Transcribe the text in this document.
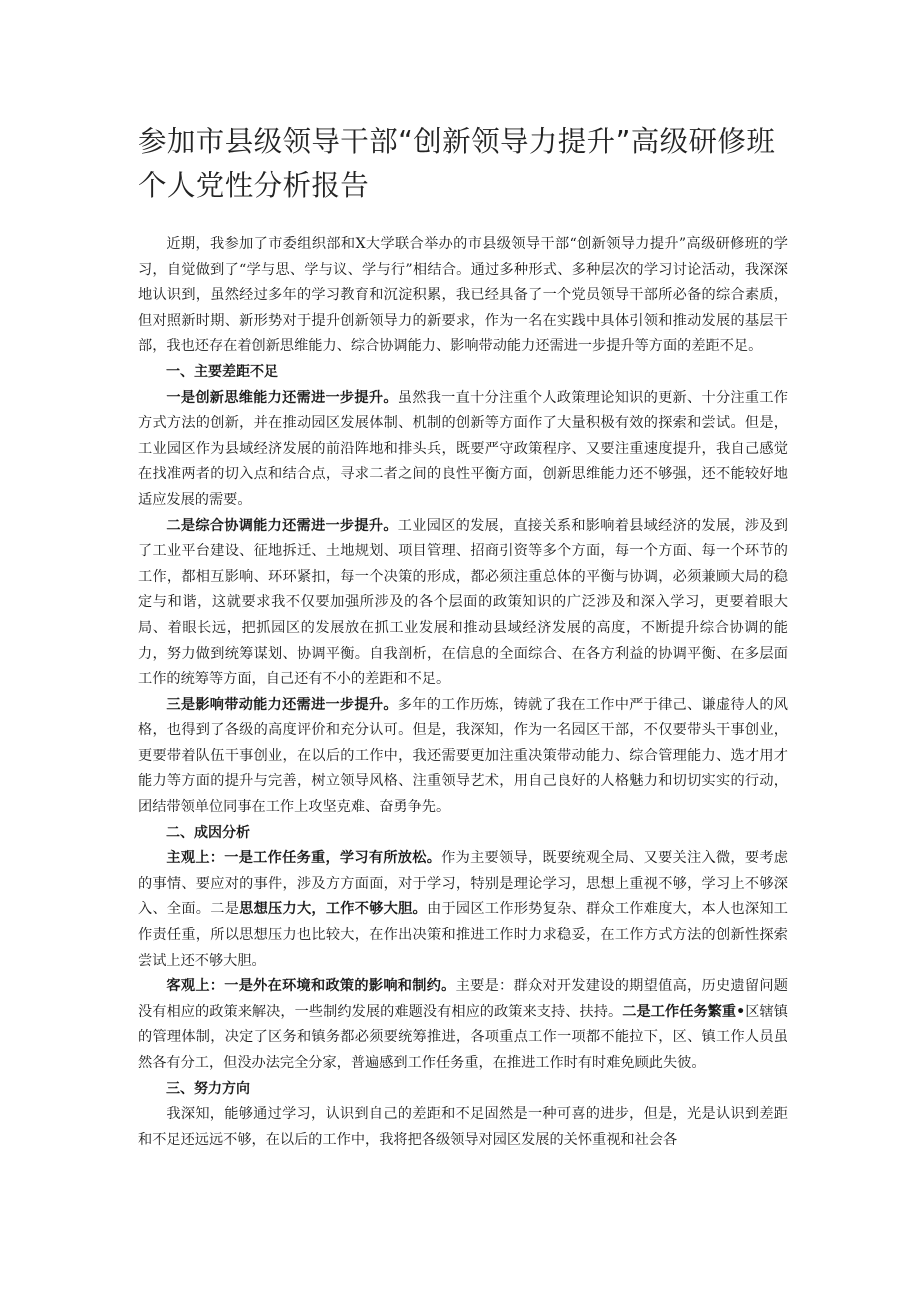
参加市县级领导干部“创新领导力提升”高级研修班
个人党性分析报告

近期，我参加了市委组织部和X大学联合举办的市县级领导干部“创新领导力提升”高级研修班的学习，自觉做到了“学与思、学与议、学与行”相结合。通过多种形式、多种层次的学习讨论活动，我深深地认识到，虽然经过多年的学习教育和沉淀积累，我已经具备了一个党员领导干部所必备的综合素质，但对照新时期、新形势对于提升创新领导力的新要求，作为一名在实践中具体引领和推动发展的基层干部，我也还存在着创新思维能力、综合协调能力、影响带动能力还需进一步提升等方面的差距不足。

一、主要差距不足

一是创新思维能力还需进一步提升。虽然我一直十分注重个人政策理论知识的更新、十分注重工作方式方法的创新，并在推动园区发展体制、机制的创新等方面作了大量积极有效的探索和尝试。但是，工业园区作为县域经济发展的前沿阵地和排头兵，既要严守政策程序、又要注重速度提升，我自己感觉在找准两者的切入点和结合点，寻求二者之间的良性平衡方面，创新思维能力还不够强，还不能较好地适应发展的需要。

二是综合协调能力还需进一步提升。工业园区的发展，直接关系和影响着县域经济的发展，涉及到了工业平台建设、征地拆迁、土地规划、项目管理、招商引资等多个方面，每一个方面、每一个环节的工作，都相互影响、环环紧扣，每一个决策的形成，都必须注重总体的平衡与协调，必须兼顾大局的稳定与和谐，这就要求我不仅要加强所涉及的各个层面的政策知识的广泛涉及和深入学习，更要着眼大局、着眼长远，把抓园区的发展放在抓工业发展和推动县域经济发展的高度，不断提升综合协调的能力，努力做到统筹谋划、协调平衡。自我剖析，在信息的全面综合、在各方利益的协调平衡、在多层面工作的统筹等方面，自己还有不小的差距和不足。

三是影响带动能力还需进一步提升。多年的工作历炼，铸就了我在工作中严于律己、谦虚待人的风格，也得到了各级的高度评价和充分认可。但是，我深知，作为一名园区干部，不仅要带头干事创业，更要带着队伍干事创业，在以后的工作中，我还需要更加注重决策带动能力、综合管理能力、选才用才能力等方面的提升与完善，树立领导风格、注重领导艺术，用自己良好的人格魅力和切切实实的行动，团结带领单位同事在工作上攻坚克难、奋勇争先。

二、成因分析

主观上：一是工作任务重，学习有所放松。作为主要领导，既要统观全局、又要关注入微，要考虑的事情、要应对的事件，涉及方方面面，对于学习，特别是理论学习，思想上重视不够，学习上不够深入、全面。二是思想压力大，工作不够大胆。由于园区工作形势复杂、群众工作难度大，本人也深知工作责任重，所以思想压力也比较大，在作出决策和推进工作时力求稳妥，在工作方式方法的创新性探索尝试上还不够大胆。

客观上：一是外在环境和政策的影响和制约。主要是：群众对开发建设的期望值高，历史遗留问题没有相应的政策来解决，一些制约发展的难题没有相应的政策来支持、扶持。二是工作任务繁重•区辖镇的管理体制，决定了区务和镇务都必须要统筹推进，各项重点工作一项都不能拉下，区、镇工作人员虽然各有分工，但没办法完全分家，普遍感到工作任务重，在推进工作时有时难免顾此失彼。

三、努力方向

我深知，能够通过学习，认识到自己的差距和不足固然是一种可喜的进步，但是，光是认识到差距和不足还远远不够，在以后的工作中，我将把各级领导对园区发展的关怀重视和社会各
